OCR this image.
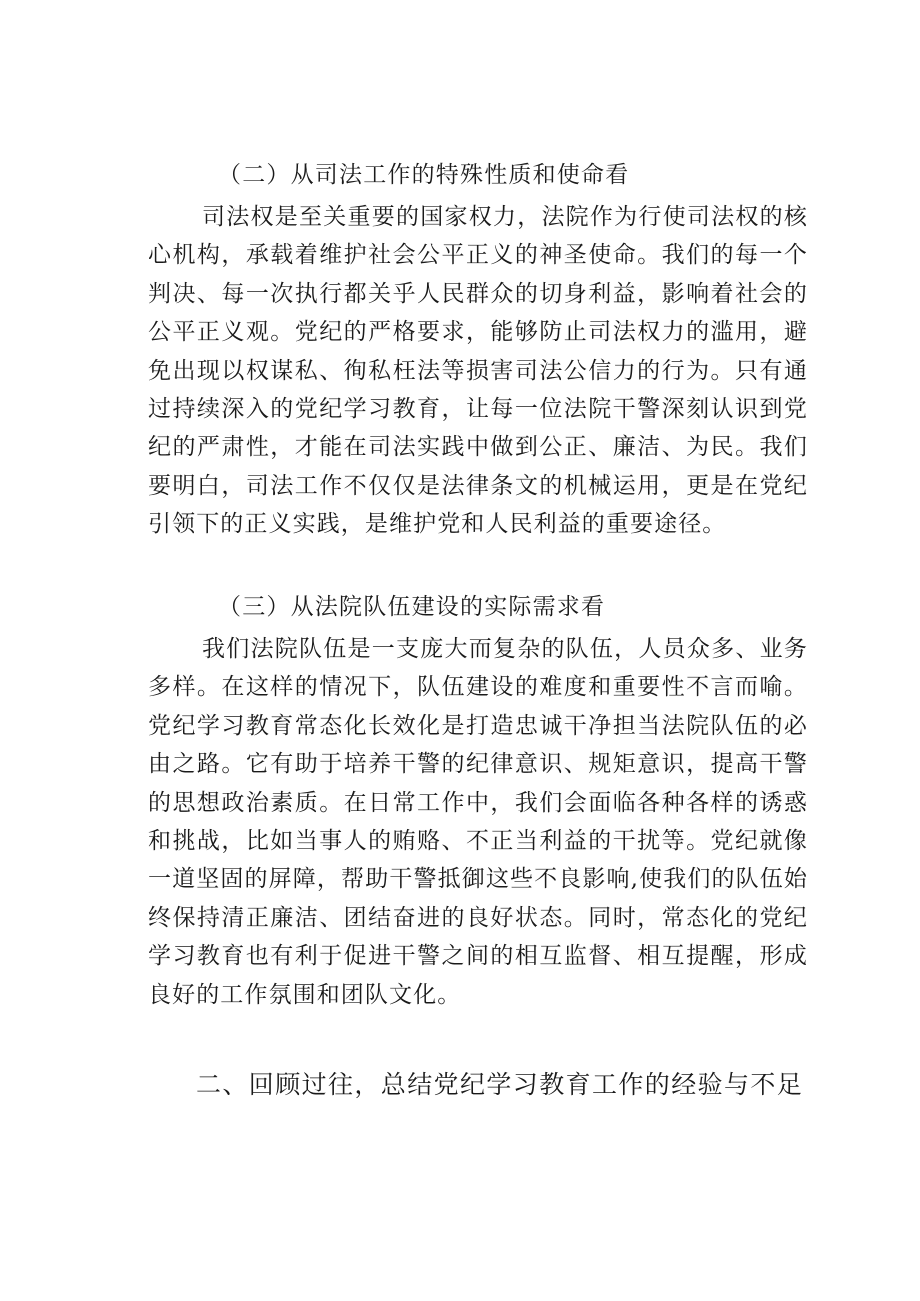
（二）从司法工作的特殊性质和使命看
司法权是至关重要的国家权力，法院作为行使司法权的核心机构，承载着维护社会公平正义的神圣使命。我们的每一个判决、每一次执行都关乎人民群众的切身利益，影响着社会的公平正义观。党纪的严格要求，能够防止司法权力的滥用，避免出现以权谋私、徇私枉法等损害司法公信力的行为。只有通过持续深入的党纪学习教育，让每一位法院干警深刻认识到党纪的严肃性，才能在司法实践中做到公正、廉洁、为民。我们要明白，司法工作不仅仅是法律条文的机械运用，更是在党纪引领下的正义实践，是维护党和人民利益的重要途径。
（三）从法院队伍建设的实际需求看
我们法院队伍是一支庞大而复杂的队伍，人员众多、业务多样。在这样的情况下，队伍建设的难度和重要性不言而喻。党纪学习教育常态化长效化是打造忠诚干净担当法院队伍的必由之路。它有助于培养干警的纪律意识、规矩意识，提高干警的思想政治素质。在日常工作中，我们会面临各种各样的诱惑和挑战，比如当事人的贿赂、不正当利益的干扰等。党纪就像一道坚固的屏障，帮助干警抵御这些不良影响,使我们的队伍始终保持清正廉洁、团结奋进的良好状态。同时，常态化的党纪学习教育也有利于促进干警之间的相互监督、相互提醒，形成良好的工作氛围和团队文化。
二、回顾过往，总结党纪学习教育工作的经验与不足
